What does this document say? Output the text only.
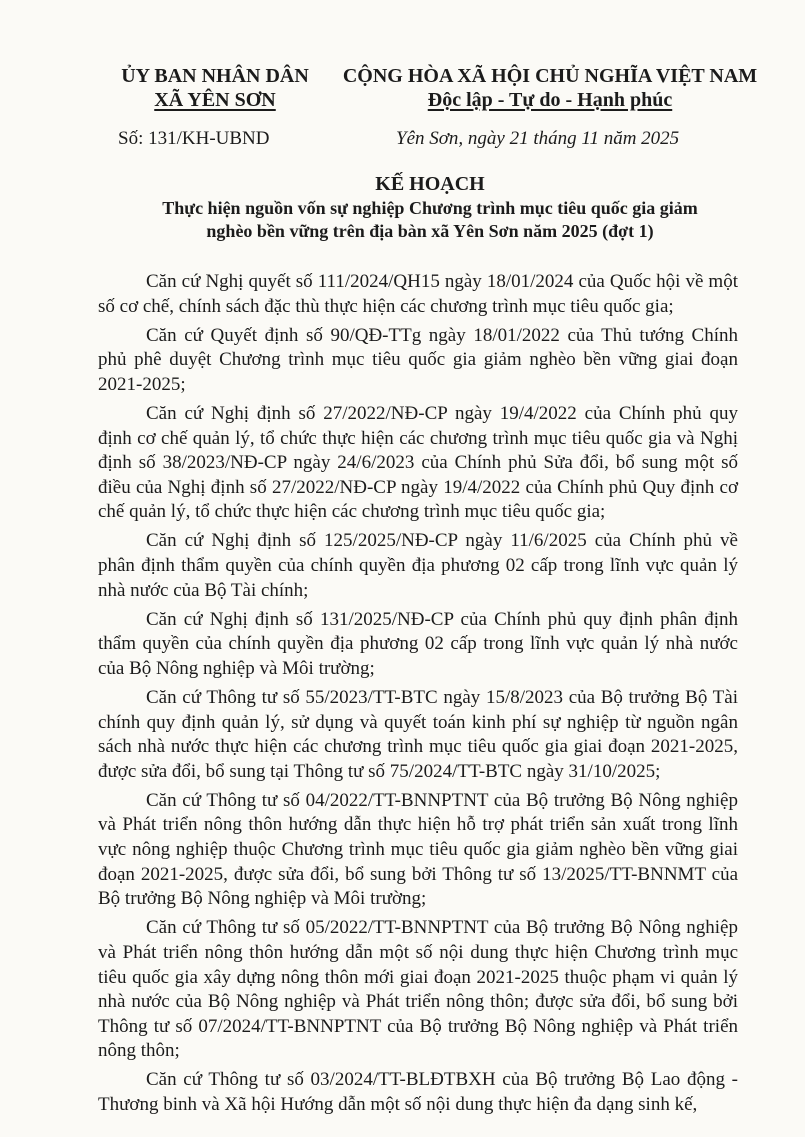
ỦY BAN NHÂN DÂN
XÃ YÊN SƠN
CỘNG HÒA XÃ HỘI CHỦ NGHĨA VIỆT NAM
Độc lập - Tự do - Hạnh phúc
Số: 131/KH-UBND	Yên Sơn, ngày 21 tháng 11 năm 2025
KẾ HOẠCH
Thực hiện nguồn vốn sự nghiệp Chương trình mục tiêu quốc gia giảm
nghèo bền vững trên địa bàn xã Yên Sơn năm 2025 (đợt 1)

Căn cứ Nghị quyết số 111/2024/QH15 ngày 18/01/2024 của Quốc hội về một số cơ chế, chính sách đặc thù thực hiện các chương trình mục tiêu quốc gia;

Căn cứ Quyết định số 90/QĐ-TTg ngày 18/01/2022 của Thủ tướng Chính phủ phê duyệt Chương trình mục tiêu quốc gia giảm nghèo bền vững giai đoạn 2021-2025;

Căn cứ Nghị định số 27/2022/NĐ-CP ngày 19/4/2022 của Chính phủ quy định cơ chế quản lý, tổ chức thực hiện các chương trình mục tiêu quốc gia và Nghị định số 38/2023/NĐ-CP ngày 24/6/2023 của Chính phủ Sửa đổi, bổ sung một số điều của Nghị định số 27/2022/NĐ-CP ngày 19/4/2022 của Chính phủ Quy định cơ chế quản lý, tổ chức thực hiện các chương trình mục tiêu quốc gia;

Căn cứ Nghị định số 125/2025/NĐ-CP ngày 11/6/2025 của Chính phủ về phân định thẩm quyền của chính quyền địa phương 02 cấp trong lĩnh vực quản lý nhà nước của Bộ Tài chính;

Căn cứ Nghị định số 131/2025/NĐ-CP của Chính phủ quy định phân định thẩm quyền của chính quyền địa phương 02 cấp trong lĩnh vực quản lý nhà nước của Bộ Nông nghiệp và Môi trường;

Căn cứ Thông tư số 55/2023/TT-BTC ngày 15/8/2023 của Bộ trưởng Bộ Tài chính quy định quản lý, sử dụng và quyết toán kinh phí sự nghiệp từ nguồn ngân sách nhà nước thực hiện các chương trình mục tiêu quốc gia giai đoạn 2021-2025, được sửa đổi, bổ sung tại Thông tư số 75/2024/TT-BTC ngày 31/10/2025;

Căn cứ Thông tư số 04/2022/TT-BNNPTNT của Bộ trưởng Bộ Nông nghiệp và Phát triển nông thôn hướng dẫn thực hiện hỗ trợ phát triển sản xuất trong lĩnh vực nông nghiệp thuộc Chương trình mục tiêu quốc gia giảm nghèo bền vững giai đoạn 2021-2025, được sửa đổi, bổ sung bởi Thông tư số 13/2025/TT-BNNMT của Bộ trưởng Bộ Nông nghiệp và Môi trường;

Căn cứ Thông tư số 05/2022/TT-BNNPTNT của Bộ trưởng Bộ Nông nghiệp và Phát triển nông thôn hướng dẫn một số nội dung thực hiện Chương trình mục tiêu quốc gia xây dựng nông thôn mới giai đoạn 2021-2025 thuộc phạm vi quản lý nhà nước của Bộ Nông nghiệp và Phát triển nông thôn; được sửa đổi, bổ sung bởi Thông tư số 07/2024/TT-BNNPTNT của Bộ trưởng Bộ Nông nghiệp và Phát triển nông thôn;

Căn cứ Thông tư số 03/2024/TT-BLĐTBXH của Bộ trưởng Bộ Lao động - Thương binh và Xã hội Hướng dẫn một số nội dung thực hiện đa dạng sinh kế,
